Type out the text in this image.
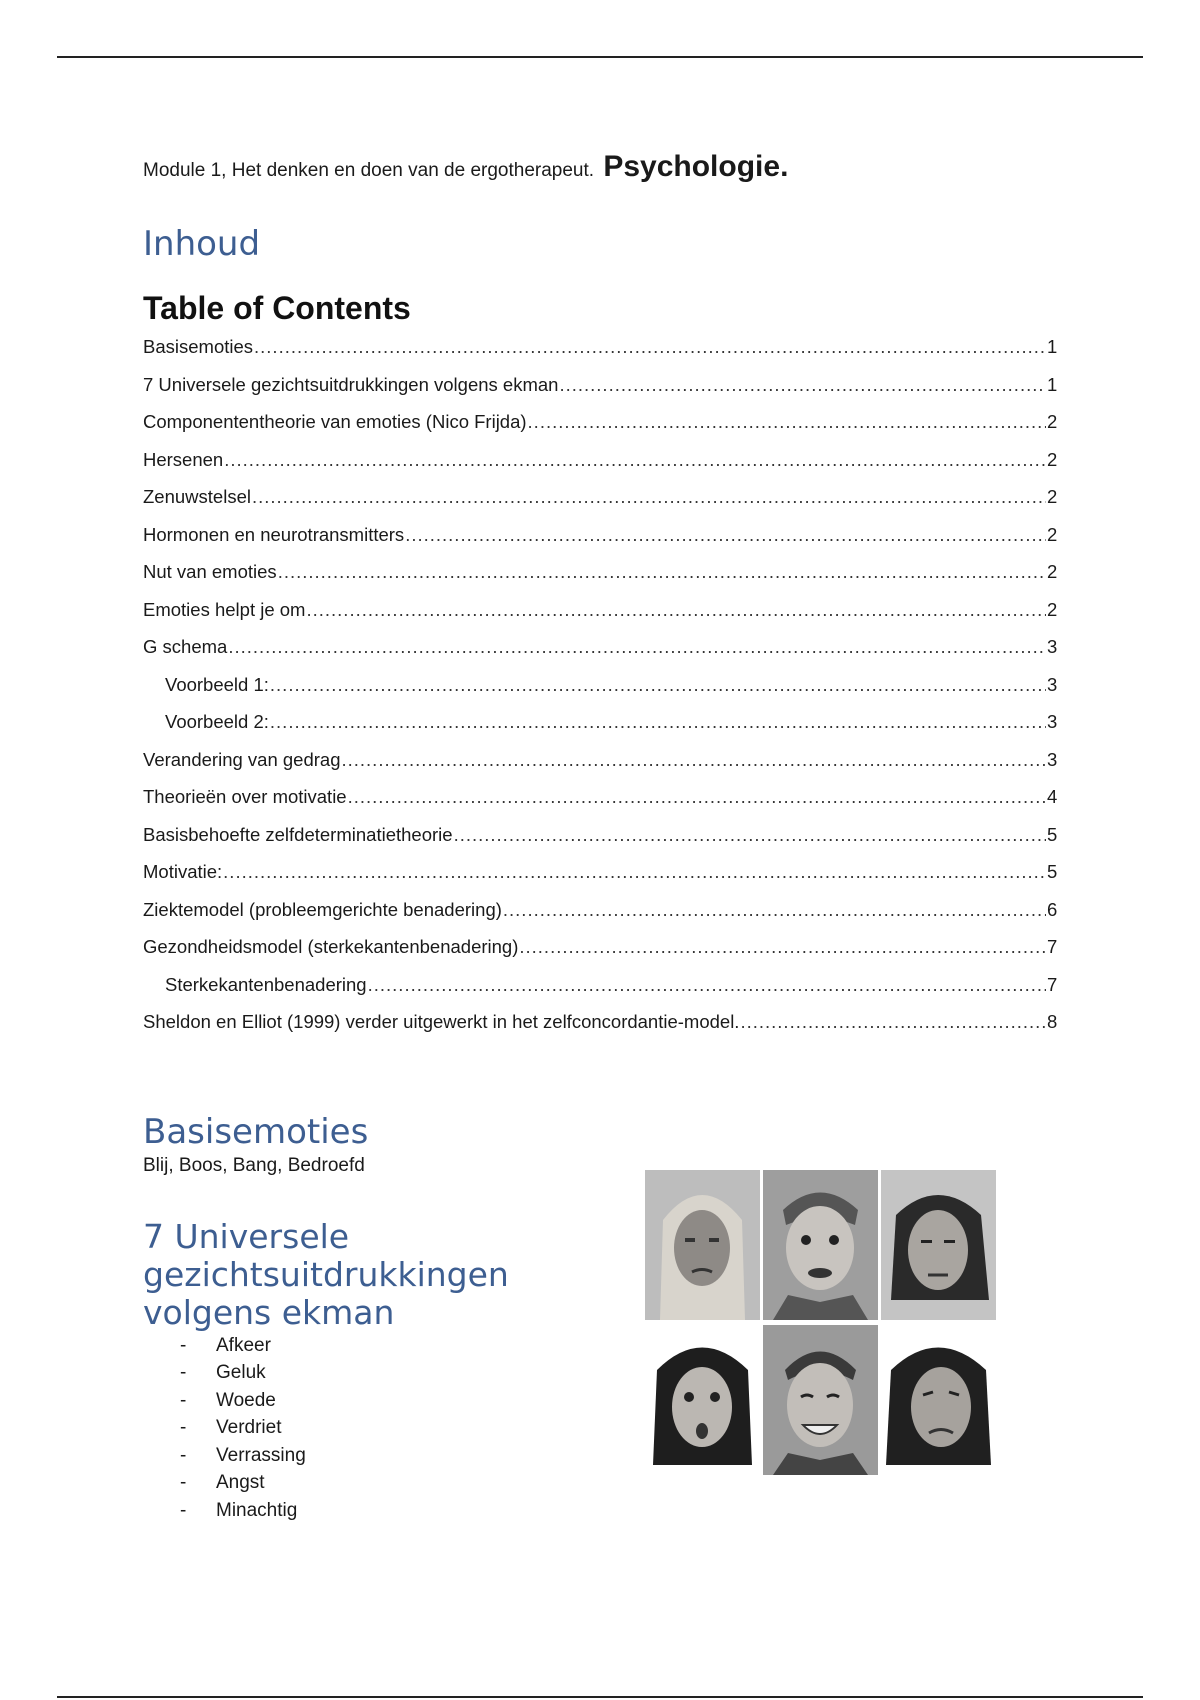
Module 1, Het denken en doen van de ergotherapeut. Psychologie.
Inhoud
Table of Contents
Basisemoties .....	1
7 Universele gezichtsuitdrukkingen volgens ekman .....	1
Componententheorie van emoties (Nico Frijda) .....	2
Hersenen .....	2
Zenuwstelsel .....	2
Hormonen en neurotransmitters .....	2
Nut van emoties .....	2
Emoties helpt je om .....	2
G schema .....	3
Voorbeeld 1: .....	3
Voorbeeld 2: .....	3
Verandering van gedrag .....	3
Theorieën over motivatie .....	4
Basisbehoefte zelfdeterminatietheorie .....	5
Motivatie: .....	5
Ziektemodel (probleemgerichte benadering) .....	6
Gezondheidsmodel (sterkekantenbenadering) .....	7
Sterkekantenbenadering .....	7
Sheldon en Elliot (1999) verder uitgewerkt in het zelfconcordantie-model. .....	8
Basisemoties
Blij, Boos, Bang, Bedroefd
7 Universele gezichtsuitdrukkingen volgens ekman
-	Afkeer
-	Geluk
-	Woede
-	Verdriet
-	Verrassing
-	Angst
-	Minachtig
